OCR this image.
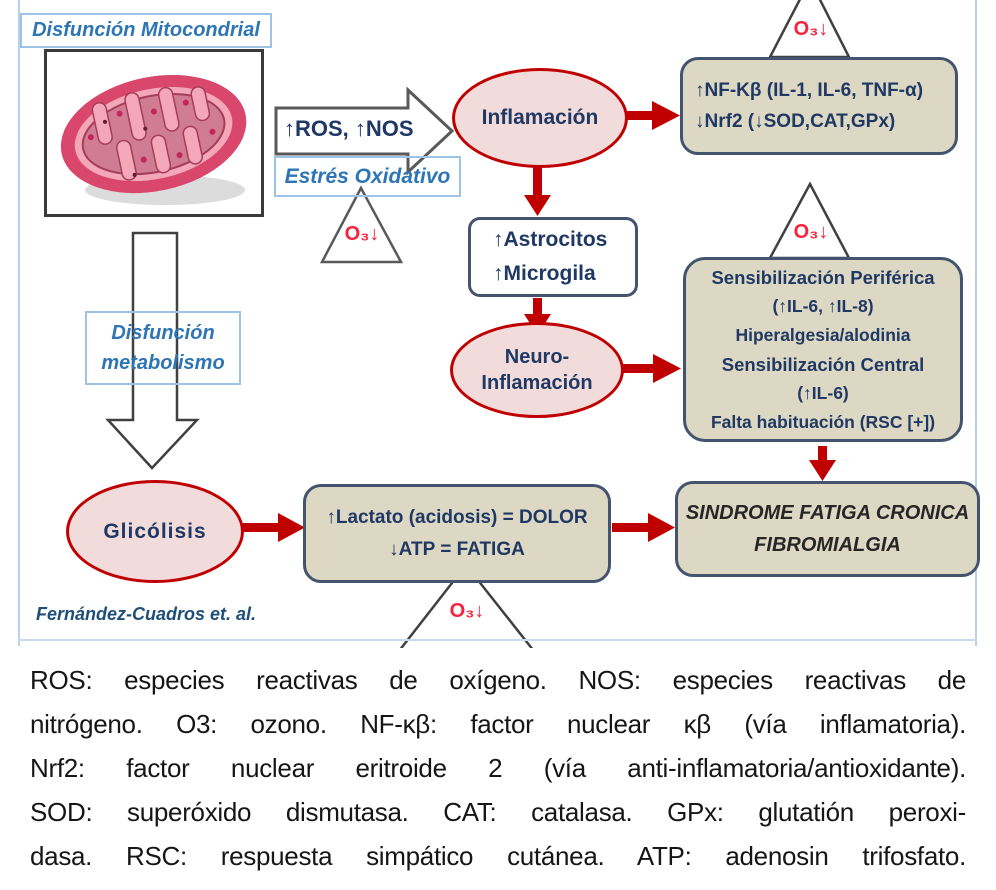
Disfunción Mitocondrial
↑ROS, ↑NOS
Estrés Oxidativo
O₃↓
O₃↓	O₃↓
O₃↓
Inflamación
↑NF-Κβ (IL-1, IL-6, TNF-α)
↓Nrf2 (↓SOD,CAT,GPx)
↑Astrocitos
↑Microgila
Neuro-
Inflamación
Sensibilización Periférica
(↑IL-6, ↑IL-8)
Hiperalgesia/alodinia
Sensibilización Central
(↑IL-6)
Falta habituación (RSC [+])
Disfunción
metabolismo
Glicólisis
↑Lactato (acidosis) = DOLOR
↓ATP = FATIGA
SINDROME FATIGA CRONICA
FIBROMIALGIA
Fernández-Cuadros et. al.
ROS: especies reactivas de oxígeno. NOS: especies reactivas de
nitrógeno. O3: ozono. NF-κβ: factor nuclear κβ (vía inflamatoria).
Nrf2: factor nuclear eritroide 2 (vía anti-inflamatoria/antioxidante).
SOD: superóxido dismutasa. CAT: catalasa. GPx: glutatión peroxi-
dasa. RSC: respuesta simpático cutánea. ATP: adenosin trifosfato.
